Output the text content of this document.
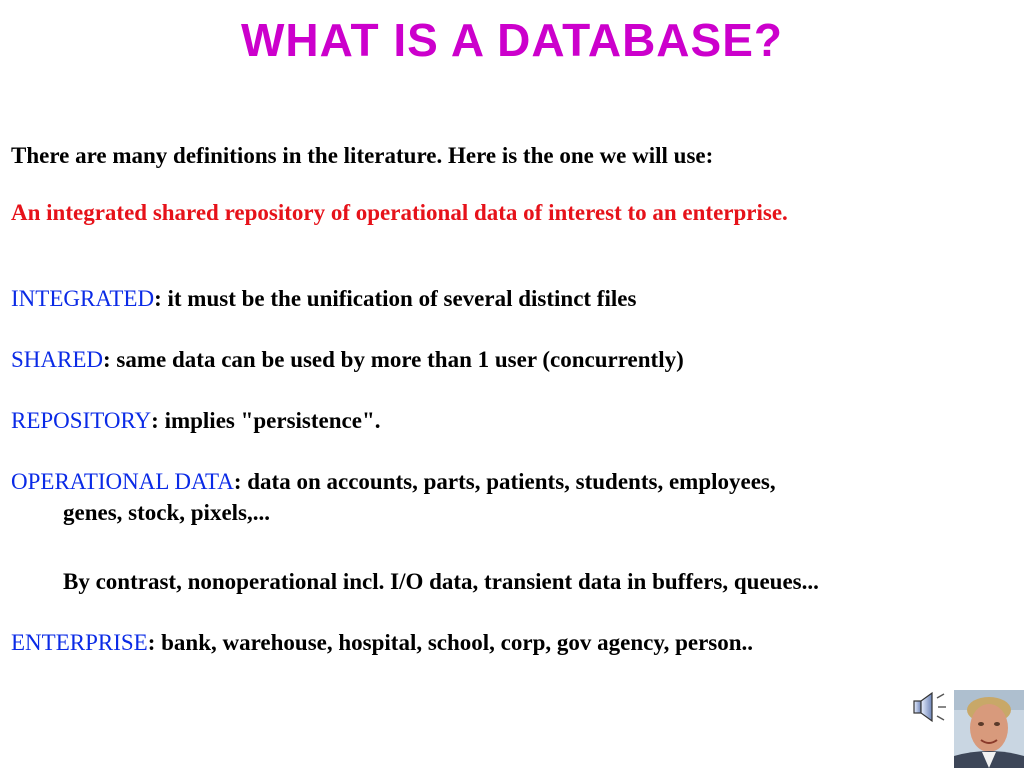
WHAT IS A DATABASE?
There are many definitions in the literature. Here is the one we will use:
An integrated shared repository of operational data of interest to an enterprise.
INTEGRATED: it must be the unification of several distinct files
SHARED: same data can be used by more than 1 user (concurrently)
REPOSITORY: implies "persistence".
OPERATIONAL DATA: data on accounts, parts, patients, students, employees,
genes, stock, pixels,...
By contrast, nonoperational incl. I/O data, transient data in buffers, queues...
ENTERPRISE: bank, warehouse, hospital, school, corp, gov agency, person..
